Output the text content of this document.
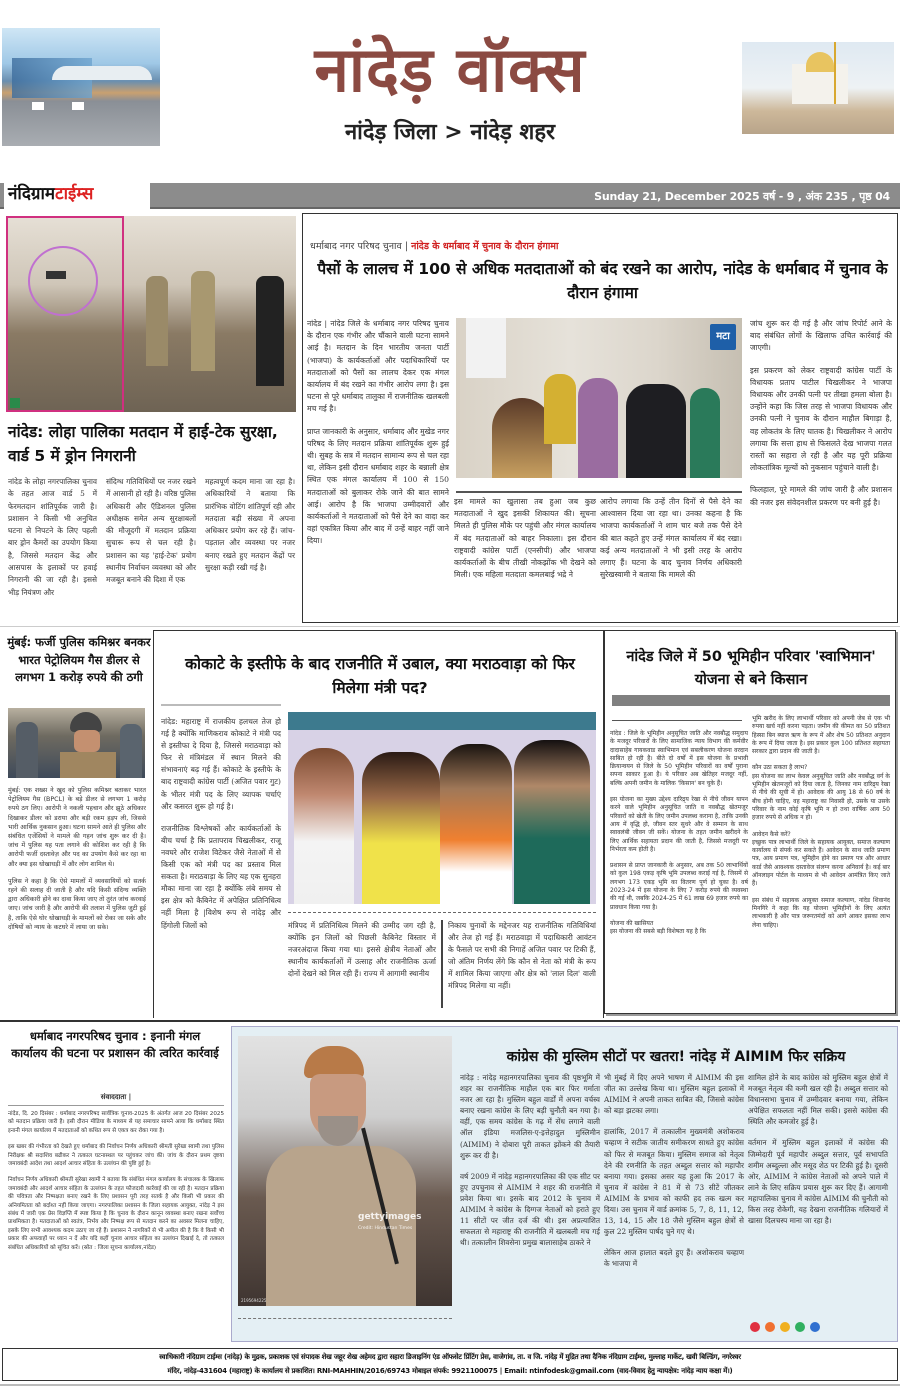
नांदेड़ वॉक्स
नांदेड़ जिला > नांदेड़ शहर
नंदिग्रामटाईम्स	Sunday 21, December 2025 वर्ष - 9 , अंक 235 , पृष्ठ 04
नांदेड: लोहा पालिका मतदान में हाई-टेक सुरक्षा, वार्ड 5 में ड्रोन निगरानी
नांदेड के लोहा नगरपालिका चुनाव के तहत आज वार्ड 5 में फेरमतदान शांतिपूर्वक जारी है। प्रशासन ने किसी भी अनुचित घटना से निपटने के लिए पहली बार ड्रोन कैमरों का उपयोग किया है, जिससे मतदान केंद्र और आसपास के इलाकों पर हवाई निगरानी की जा रही है। इससे भीड़ नियंत्रण और
संदिग्ध गतिविधियों पर नजर रखने में आसानी हो रही है। वरिष्ठ पुलिस अधिकारी और ऍडिशनल पुलिस अधीक्षक समेत अन्य सुरक्षाबलों की मौजूदगी में मतदान प्रक्रिया सुचारू रूप से चल रही है। प्रशासन का यह 'हाई-टेक' प्रयोग स्थानीय निर्वाचन व्यवस्था को और मजबूत बनाने की दिशा में एक
महत्वपूर्ण कदम माना जा रहा है। अधिकारियों ने बताया कि प्रारंभिक वोटिंग शांतिपूर्ण रही और मतदाता बड़ी संख्या में अपना अधिकार प्रयोग कर रहे हैं। जांच-पड़ताल और व्यवस्था पर नजर बनाए रखते हुए मतदान केंद्रों पर सुरक्षा कड़ी रखी गई है।
धर्माबाद नगर परिषद चुनाव | नांदेड के धर्माबाद में चुनाव के दौरान हंगामा
पैसों के लालच में 100 से अधिक मतदाताओं को बंद रखने का आरोप, नांदेड के धर्माबाद में चुनाव के दौरान हंगामा

नांदेड | नांदेड जिले के धर्माबाद नगर परिषद चुनाव के दौरान एक गंभीर और चौंकाने वाली घटना सामने आई है। मतदान के दिन भारतीय जनता पार्टी (भाजपा) के कार्यकर्ताओं और पदाधिकारियों पर मतदाताओं को पैसों का लालच देकर एक मंगल कार्यालय में बंद रखने का गंभीर आरोप लगा है। इस घटना से पूरे धर्माबाद तालुका में राजनीतिक खलबली मच गई है।

प्राप्त जानकारी के अनुसार, धर्माबाद और मुखेड नगर परिषद के लिए मतदान प्रक्रिया शांतिपूर्वक शुरू हुई थी। सुबह के सत्र में मतदान सामान्य रूप से चल रहा था, लेकिन इसी दौरान धर्माबाद शहर के बन्नाली क्षेत्र स्थित एक मंगल कार्यालय में 100 से 150 मतदाताओं को बुलाकर रोके जाने की बात सामने आई। आरोप है कि भाजपा उम्मीदवारों और कार्यकर्ताओं ने मतदाताओं को पैसे देने का वादा कर वहां एकत्रित किया और बाद में उन्हें बाहर नहीं जाने दिया।

मटा
इस मामले का खुलासा तब हुआ जब कुछ मतदाताओं ने खुद इसकी शिकायत की। सूचना मिलते ही पुलिस मौके पर पहुंची और मंगल कार्यालय में बंद मतदाताओं को बाहर निकाला। इस दौरान राष्ट्रवादी कांग्रेस पार्टी (एनसीपी) और भाजपा कार्यकर्ताओं के बीच तीखी नोकझोंक भी देखने को मिली। एक महिला मतदाता कमलबाई भद्रे ने
आरोप लगाया कि उन्हें तीन दिनों से पैसे देने का आश्वासन दिया जा रहा था। उनका कहना है कि भाजपा कार्यकर्ताओं ने शाम चार बजे तक पैसे देने की बात कहते हुए उन्हें मंगल कार्यालय में बंद रखा। कई अन्य मतदाताओं ने भी इसी तरह के आरोप लगाए हैं। घटना के बाद चुनाव निर्णय अधिकारी सुरेखस्वामी ने बताया कि मामले की

जांच शुरू कर दी गई है और जांच रिपोर्ट आने के बाद संबंधित लोगों के खिलाफ उचित कार्रवाई की जाएगी।

इस प्रकरण को लेकर राष्ट्रवादी कांग्रेस पार्टी के विधायक प्रताप पाटील चिखलीकर ने भाजपा विधायक और उनकी पत्नी पर तीखा हमला बोला है। उन्होंने कहा कि जिस तरह से भाजपा विधायक और उनकी पत्नी ने चुनाव के दौरान माहौल बिगाड़ा है, वह लोकतंत्र के लिए घातक है। चिखलीकर ने आरोप लगाया कि सत्ता हाथ से फिसलते देख भाजपा गलत रास्तों का सहारा ले रही है और यह पूरी प्रक्रिया लोकतांत्रिक मूल्यों को नुकसान पहुंचाने वाली है।

फिलहाल, पूरे मामले की जांच जारी है और प्रशासन की नजर इस संवेदनशील प्रकरण पर बनी हुई है।

मुंबई: फर्जी पुलिस कमिश्नर बनकर भारत पेट्रोलियम गैस डीलर से लगभग 1 करोड़ रुपये की ठगी

मुंबई: एक शख्स ने खुद को पुलिस कमिश्नर बताकर भारत पेट्रोलियम गैस (BPCL) के बड़े डीलर से लगभग 1 करोड़ रुपये ठग लिए। आरोपी ने नकली पहचान और झूठे अधिकार दिखाकर डीलर को डराया और बड़ी रकम हड़प ली, जिससे भारी आर्थिक नुकसान हुआ। घटना सामने आते ही पुलिस और संबंधित एजेंसियों ने मामले की गहन जांच शुरू कर दी है। जांच में पुलिस यह पता लगाने की कोशिश कर रही है कि आरोपी फर्जी दस्तावेज़ और पद का उपयोग कैसे कर रहा था और क्या इस धोखाधड़ी में और लोग शामिल थे।

पुलिस ने कहा है कि ऐसे मामलों में व्यवसायियों को सतर्क रहने की सलाह दी जाती है और यदि किसी संदिग्ध व्यक्ति द्वारा अधिकारी होने का दावा किया जाए तो तुरंत जांच करवाई जाए। जांच जारी है और आरोपी की तलाश में पुलिस जुटी हुई है, ताकि ऐसे घोर धोखाधड़ी के मामलों को रोका जा सके और दोषियों को न्याय के कटघरे में लाया जा सके।

कोकाटे के इस्तीफे के बाद राजनीति में उबाल, क्या मराठवाड़ा को फिर मिलेगा मंत्री पद?

नांदेड: महाराष्ट्र में राजकीय हलचल तेज हो गई है क्योंकि माणिकराव कोकाटे ने मंत्री पद से इस्तीफा दे दिया है, जिससे मराठवाड़ा को फिर से मंत्रिमंडल में स्थान मिलने की संभावनाएं बढ़ गई हैं। कोकाटे के इस्तीफे के बाद राष्ट्रवादी कांग्रेस पार्टी (अजित पवार गुट) के भीतर मंत्री पद के लिए व्यापक चर्चाएं और कसरत शुरू हो गई है।

राजनीतिक विश्लेषकों और कार्यकर्ताओं के बीच चर्चा है कि प्रतापराव चिखलीकर, राजू नवघरे और राजेश विटेकर जैसे नेताओं में से किसी एक को मंत्री पद का प्रस्ताव मिल सकता है। मराठवाड़ा के लिए यह एक सुनहरा मौका माना जा रहा है क्योंकि लंबे समय से इस क्षेत्र को कैबिनेट में अपेक्षित प्रतिनिधित्व नहीं मिला है |विशेष रूप से नांदेड़ और हिंगोली जिलों को	मंत्रिपद में प्रतिनिधित्व मिलने की उम्मीद जग रही है, क्योंकि इन जिलों को पिछली कैबिनेट विस्तार में नजरअंदाज किया गया था। इससे क्षेत्रीय नेताओं और स्थानीय कार्यकर्ताओं में उत्साह और राजनीतिक ऊर्जा दोनों देखने को मिल रही हैं। राज्य में आगामी स्थानीय
निकाय चुनावों के मद्देनजर यह राजनीतिक गतिविधियां और तेज हो गई हैं। मराठवाड़ा में पदाधिकारी आवंटन के फैसले पर सभी की निगाहें अजित पवार पर टिकी हैं, जो अंतिम निर्णय लेंगे कि कौन से नेता को मंत्री के रूप में शामिल किया जाएगा और क्षेत्र को 'लाल दिल' वाली मंत्रिपद मिलेगा या नहीं।
नांदेड जिले में 50 भूमिहीन परिवार 'स्वाभिमान' योजना से बने किसान

नांदेड : जिले के भूमिहीन अनुसूचित जाति और नवबौद्ध समुदाय के मजदूर परिवारों के लिए सामाजिक न्याय विभाग की कर्मवीर दादासाहेब गायकवाड स्वाभिमान एवं सबलीकरण योजना वरदान साबित हो रही है। बीते दो वर्षों में इस योजना के प्रभावी क्रियान्वयन से जिले के 50 भूमिहीन परिवारों का वर्षों पुराना सपना साकार हुआ है। ये परिवार अब खेतिहर मजदूर नहीं, बल्कि अपनी जमीन के मालिक 'किसान' बन चुके हैं।

इस योजना का मुख्य उद्देश्य दारिद्र्य रेखा से नीचे जीवन यापन करने वाले भूमिहीन अनुसूचित जाति व नवबौद्ध खेतमजूर परिवारों को खेती के लिए जमीन उपलब्ध कराना है, ताकि उनकी आय में वृद्धि हो, जीवन स्तर सुधरे और वे सम्मान के साथ स्वावलंबी जीवन जी सकें। योजना के तहत जमीन खरीदने के लिए आर्थिक सहायता प्रदान की जाती है, जिससे मजदूरी पर निर्भरता कम होती है।

प्रशासन से प्राप्त जानकारी के अनुसार, अब तक 50 लाभार्थियों को कुल 198 एकड़ कृषि भूमि उपलब्ध कराई गई है, जिसमें से लगभग 173 एकड़ भूमि का वितरण पूर्ण हो चुका है। वर्ष 2023-24 में इस योजना के लिए 7 करोड़ रुपये की व्यवस्था की गई थी, जबकि 2024-25 में 61 लाख 69 हजार रुपये का प्रावधान किया गया है।

योजना की खासियत
इस योजना की सबसे बड़ी विशेषता यह है कि

भूमि खरीद के लिए लाभार्थी परिवार को अपनी जेब से एक भी रुपया खर्च नहीं करना पड़ता। जमीन की कीमत का 50 प्रतिशत हिस्सा बिन ब्याज ऋण के रूप में और शेष 50 प्रतिशत अनुदान के रूप में दिया जाता है। इस प्रकार कुल 100 प्रतिशत सहायता सरकार द्वारा प्रदान की जाती है।

कौन उठा सकता है लाभ?

इस योजना का लाभ केवल अनुसूचित जाति और नवबौद्ध वर्ग के भूमिहीन खेतमजूरों को दिया जाता है, जिनका नाम दारिद्र्य रेखा से नीचे की सूची में हो। आवेदक की आयु 18 से 60 वर्ष के बीच होनी चाहिए, वह महाराष्ट्र का निवासी हो, उसके या उसके परिवार के नाम कोई कृषि भूमि न हो तथा वार्षिक आय 50 हजार रुपये से अधिक न हो।

आवेदन कैसे करें?

इच्छुक पात्र लाभार्थी जिले के सहायक आयुक्त, समाज कल्याण कार्यालय से संपर्क कर सकते हैं। आवेदन के साथ जाति प्रमाण पत्र, आय प्रमाण पत्र, भूमिहीन होने का प्रमाण पत्र और आधार कार्ड जैसे आवश्यक दस्तावेज संलग्न करना अनिवार्य है। कई बार ऑनलाइन पोर्टल के माध्यम से भी आवेदन आमंत्रित किए जाते हैं।

इस संबंध में सहायक आयुक्त समाज कल्याण, नांदेड शिवानंद मिनगिरे ने कहा कि यह योजना भूमिहीनों के लिए अत्यंत लाभकारी है और पात्र जरूरतमंदों को आगे आकर इसका लाभ लेना चाहिए।

धर्माबाद नगरपरिषद चुनाव : इनानी मंगल कार्यालय की घटना पर प्रशासन की त्वरित कार्रवाई
संवाददाता |

नांदेड, दि. 20 दिसंबर : धर्माबाद नगरपरिषद सार्वत्रिक चुनाव-2025 के अंतर्गत आज 20 दिसंबर 2025 को मतदान प्रक्रिया जारी है। इसी दौरान मीडिया के माध्यम से यह समाचार सामने आया कि धर्माबाद स्थित इनानी मंगल कार्यालय में मतदाताओं को कथित रूप से एकत्र कर रोका गया है।

इस खबर की गंभीरता को देखते हुए धर्माबाद की निर्वाचन निर्णय अधिकारी श्रीमती सुरेखा स्वामी तथा पुलिस निरीक्षक श्री सदाशिव बढीकर ने तत्काल घटनास्थल पर पहुंचकर जांच की। जांच के दौरान प्रथम दृष्टया जमावबंदी आदेश तथा आदर्श आचार संहिता के उल्लंघन की पुष्टि हुई है।

निर्वाचन निर्णय अधिकारी श्रीमती सुरेखा स्वामी ने बताया कि संबंधित मंगल कार्यालय के संचालक के खिलाफ जमावबंदी और आदर्श आचार संहिता के उल्लंघन के तहत फौजदारी कार्रवाई की जा रही है। मतदान प्रक्रिया की पवित्रता और निष्पक्षता बनाए रखने के लिए प्रशासन पूरी तरह सतर्क है और किसी भी प्रकार की अनियमितता को बर्दाश्त नहीं किया जाएगा। नगरपालिका प्रशासन के जिला सहायक आयुक्त, नांदेड़ ने इस संबंध में जारी एक प्रेस विज्ञप्ति में स्पष्ट किया है कि चुनाव के दौरान कानून व्यवस्था बनाए रखना सर्वोच्च प्राथमिकता है। मतदाताओं को स्वतंत्र, निर्भय और निष्पक्ष रूप से मतदान करने का अवसर मिलना चाहिए, इसके लिए सभी आवश्यक कदम उठाए जा रहे हैं। प्रशासन ने नागरिकों से भी अपील की है कि वे किसी भी प्रकार की अफवाहों पर ध्यान न दें और यदि कहीं चुनाव आचार संहिता का उल्लंघन दिखाई दे, तो तत्काल संबंधित अधिकारियों को सूचित करें। (स्रोत : जिला सूचना कार्यालय,नांदेड)

gettyimages
Credit: Hindustan Times
2195694225
कांग्रेस की मुस्लिम सीटों पर खतरा! नांदेड़ में AIMIM फिर सक्रिय

नांदेड़ : नांदेड़ महानगरपालिका चुनाव की पृष्ठभूमि में शहर का राजनीतिक माहौल एक बार फिर गर्माता नजर आ रहा है। मुस्लिम बहुल वार्डों में अपना वर्चस्व बनाए रखना कांग्रेस के लिए बड़ी चुनौती बन गया है। वहीं, एक समय कांग्रेस के गढ़ में सेंध लगाने वाली ऑल इंडिया मजलिस-ए-इत्तेहादुल मुस्लिमीन (AIMIM) ने दोबारा पूरी ताकत झोंकने की तैयारी शुरू कर दी है।

वर्ष 2009 में नांदेड़ महानगरपालिका की एक सीट पर हुए उपचुनाव से AIMIM ने शहर की राजनीति में प्रवेश किया था। इसके बाद 2012 के चुनाव में AIMIM ने कांग्रेस के दिग्गज नेताओं को हराते हुए 11 सीटों पर जीत दर्ज की थी। इस अप्रत्याशित सफलता से महाराष्ट्र की राजनीति में खलबली मच गई थी। तत्कालीन शिवसेना प्रमुख बालासाहेब ठाकरे ने

भी मुंबई में दिए अपने भाषण में AIMIM की इस जीत का उल्लेख किया था। मुस्लिम बहुल इलाकों में AIMIM ने अपनी ताकत साबित की, जिससे कांग्रेस को बड़ा झटका लगा।

हालांकि, 2017 में तत्कालीन मुख्यमंत्री अशोकराव चव्हाण ने सटीक जातीय समीकरण साधते हुए कांग्रेस को फिर से मजबूत किया। मुस्लिम समाज को नेतृत्व देने की रणनीति के तहत अब्दुल सत्तार को महापौर बनाया गया। इसका असर यह हुआ कि 2017 के चुनाव में कांग्रेस ने 81 में से 73 सीटें जीतकर AIMIM के प्रभाव को काफी हद तक खत्म कर दिया। उस चुनाव में वार्ड क्रमांक 5, 7, 8, 11, 12, 13, 14, 15 और 18 जैसे मुस्लिम बहुल क्षेत्रों से कुल 22 मुस्लिम पार्षद चुने गए थे।

लेकिन आज हालात बदले हुए हैं। अशोकराव चव्हाण के भाजपा में

शामिल होने के बाद कांग्रेस को मुस्लिम बहुल क्षेत्रों में मजबूत नेतृत्व की कमी खल रही है। अब्दुल सत्तार को विधानसभा चुनाव में उम्मीदवार बनाया गया, लेकिन अपेक्षित सफलता नहीं मिल सकी। इससे कांग्रेस की स्थिति और कमजोर हुई है।

वर्तमान में मुस्लिम बहुल इलाकों में कांग्रेस की जिम्मेदारी पूर्व महापौर अब्दुल सत्तार, पूर्व सभापति शमीम अब्दुल्ला और मसूद शेठ पर टिकी हुई है। दूसरी ओर, AIMIM ने कांग्रेस नेताओं को अपने पाले में लाने के लिए सक्रिय प्रयास शुरू कर दिए हैं। आगामी महापालिका चुनाव में कांग्रेस AIMIM की चुनौती को किस तरह रोकेगी, यह देखना राजनीतिक गलियारों में खासा दिलचस्प माना जा रहा है।

स्वाधिकारी नंदिग्राम टाईम्स (नांदेड़) के मुद्रक, प्रकाशक एवं संपादक शेख जहूर शेख अहेमद द्वारा सहारा डिजाइनिंग एंड ऑफसेट प्रिंटिंग प्रेस, वाजेगांव, ता. व जि. नांदेड़ में मुद्रित तथा दैनिक नंदिग्राम टाईम्स, मुल्लाह मार्केट, खवी बिल्डिंग, नगरेश्वर
मंदिर, नांदेड़-431604 (महाराष्ट्र) के कार्यालय से प्रकाशित। RNI-MAHHIN/2016/69743 मोबाइल संपर्क: 9921100075 | Email: ntinfodesk@gmail.com (वाद-विवाद हेतु न्यायक्षेत्र: नांदेड़ न्याय कक्षा में।)
